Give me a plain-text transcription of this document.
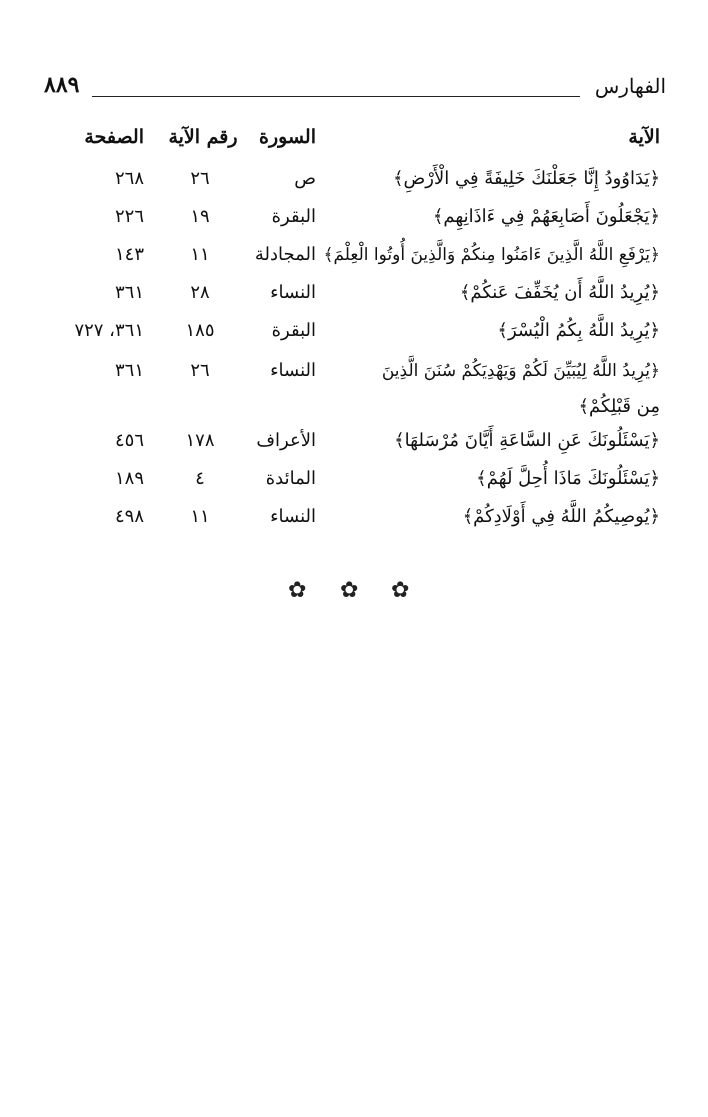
الفهارس
٨٨٩
الآية
السورة
رقم الآية
الصفحة
﴿يَدَاوُودُ إِنَّا جَعَلْنَكَ خَلِيفَةً فِي الْأَرْضِ﴾
ص
٢٦
٢٦٨
﴿يَجْعَلُونَ أَصَابِعَهُمْ فِي ءَاذَانِهِم﴾
البقرة
١٩
٢٢٦
﴿يَرْفَعِ اللَّهُ الَّذِينَ ءَامَنُوا مِنكُمْ وَالَّذِينَ أُوتُوا الْعِلْمَ﴾
المجادلة
١١
١٤٣
﴿يُرِيدُ اللَّهُ أَن يُخَفِّفَ عَنكُمْ﴾
النساء
٢٨
٣٦١
﴿يُرِيدُ اللَّهُ بِكُمُ الْيُسْرَ﴾
البقرة
١٨٥
٣٦١، ٧٢٧
﴿يُرِيدُ اللَّهُ لِيُبَيِّنَ لَكُمْ وَيَهْدِيَكُمْ سُنَنَ الَّذِينَ
مِن قَبْلِكُمْ﴾
النساء
٢٦
٣٦١
﴿يَسْئَلُونَكَ عَنِ السَّاعَةِ أَيَّانَ مُرْسَلهَا﴾
الأعراف
١٧٨
٤٥٦
﴿يَسْئَلُونَكَ مَاذَا أُحِلَّ لَهُمْ﴾
المائدة
٤
١٨٩
﴿يُوصِيكُمُ اللَّهُ فِي أَوْلَادِكُمْ﴾
النساء
١١
٤٩٨
✿ ✿ ✿
